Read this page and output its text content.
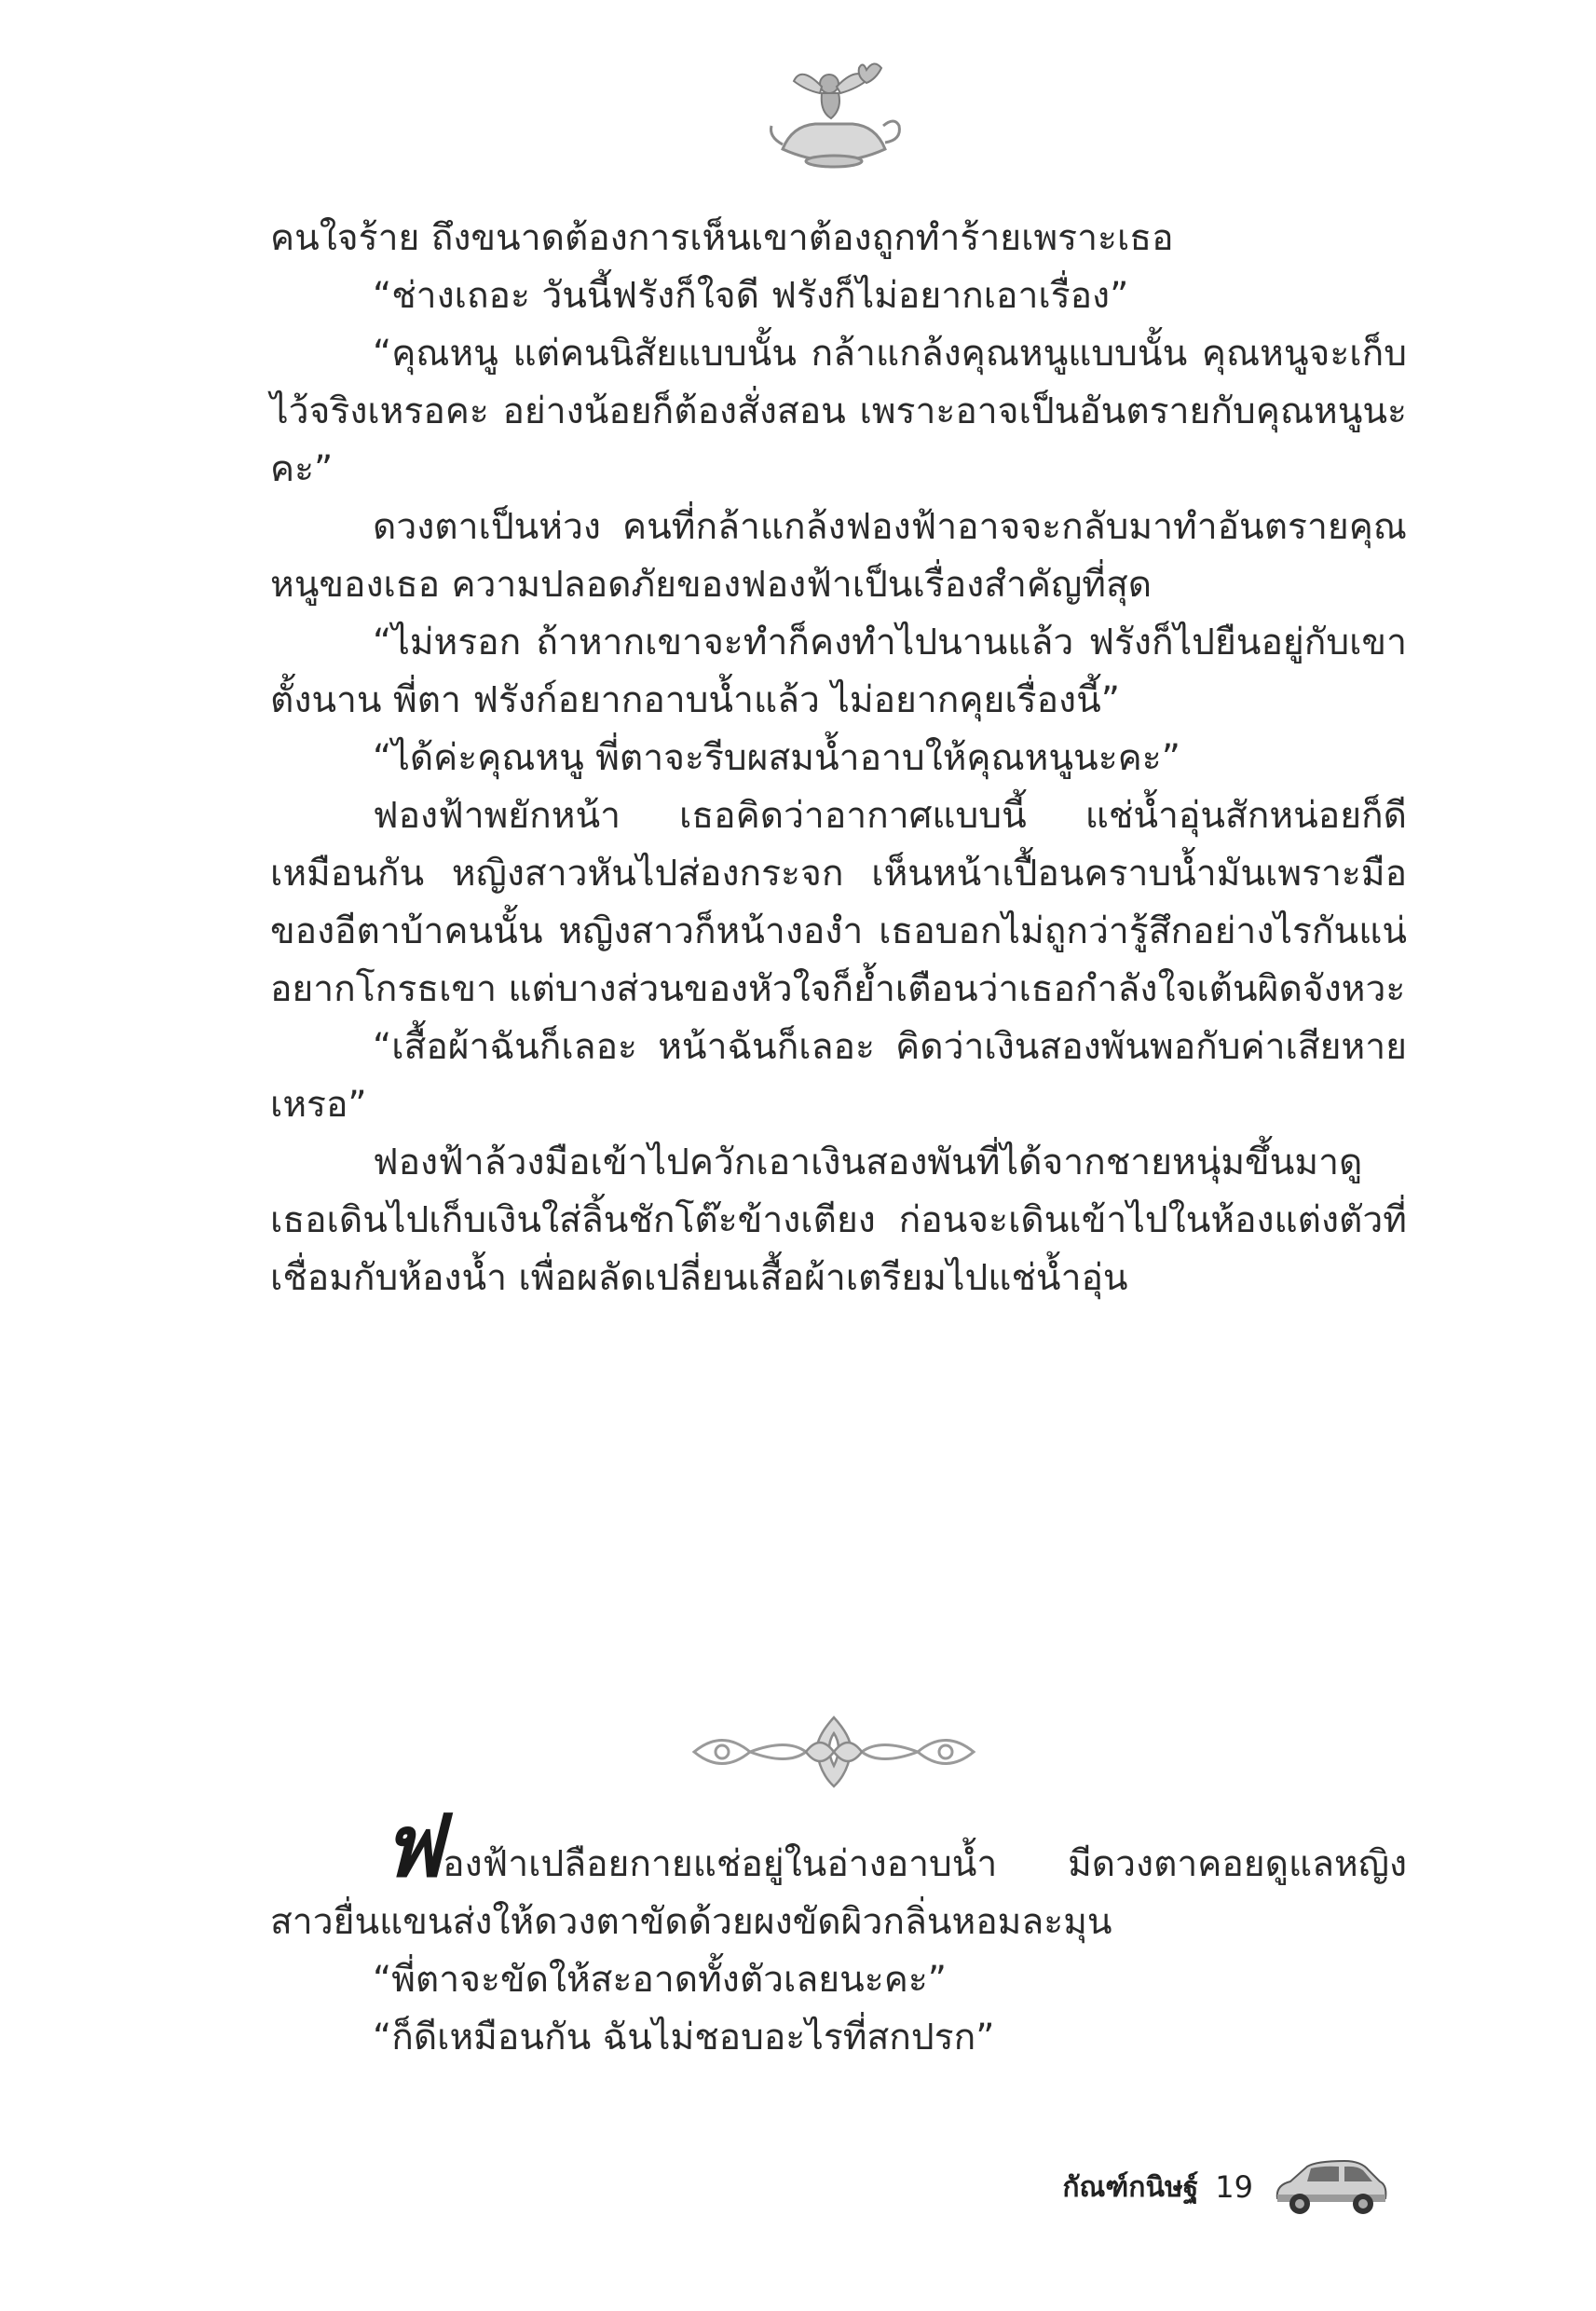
คนใจร้าย ถึงขนาดต้องการเห็นเขาต้องถูกทำร้ายเพราะเธอ

“ช่างเถอะ วันนี้ฟรังก็ใจดี ฟรังก็ไม่อยากเอาเรื่อง”

“คุณหนู แต่คนนิสัยแบบนั้น กล้าแกล้งคุณหนูแบบนั้น คุณหนูจะเก็บไว้จริงเหรอคะ อย่างน้อยก็ต้องสั่งสอน เพราะอาจเป็นอันตรายกับคุณหนูนะคะ”

ดวงตาเป็นห่วง คนที่กล้าแกล้งฟองฟ้าอาจจะกลับมาทำอันตรายคุณหนูของเธอ ความปลอดภัยของฟองฟ้าเป็นเรื่องสำคัญที่สุด

“ไม่หรอก ถ้าหากเขาจะทำก็คงทำไปนานแล้ว ฟรังก็ไปยืนอยู่กับเขาตั้งนาน พี่ตา ฟรังก์อยากอาบน้ำแล้ว ไม่อยากคุยเรื่องนี้”

“ได้ค่ะคุณหนู พี่ตาจะรีบผสมน้ำอาบให้คุณหนูนะคะ”

ฟองฟ้าพยักหน้า เธอคิดว่าอากาศแบบนี้ แช่น้ำอุ่นสักหน่อยก็ดีเหมือนกัน หญิงสาวหันไปส่องกระจก เห็นหน้าเปื้อนคราบน้ำมันเพราะมือของอีตาบ้าคนนั้น หญิงสาวก็หน้างองำ เธอบอกไม่ถูกว่ารู้สึกอย่างไรกันแน่ อยากโกรธเขา แต่บางส่วนของหัวใจก็ย้ำเตือนว่าเธอกำลังใจเต้นผิดจังหวะ

“เสื้อผ้าฉันก็เลอะ หน้าฉันก็เลอะ คิดว่าเงินสองพันพอกับค่าเสียหายเหรอ”

ฟองฟ้าล้วงมือเข้าไปควักเอาเงินสองพันที่ได้จากชายหนุ่มขึ้นมาดูเธอเดินไปเก็บเงินใส่ลิ้นชักโต๊ะข้างเตียง ก่อนจะเดินเข้าไปในห้องแต่งตัวที่เชื่อมกับห้องน้ำ เพื่อผลัดเปลี่ยนเสื้อผ้าเตรียมไปแช่น้ำอุ่น

ฟองฟ้าเปลือยกายแช่อยู่ในอ่างอาบน้ำ มีดวงตาคอยดูแลหญิงสาวยื่นแขนส่งให้ดวงตาขัดด้วยผงขัดผิวกลิ่นหอมละมุน

“พี่ตาจะขัดให้สะอาดทั้งตัวเลยนะคะ”

“ก็ดีเหมือนกัน ฉันไม่ชอบอะไรที่สกปรก”

กัณฑ์กนิษฐ์ 19
